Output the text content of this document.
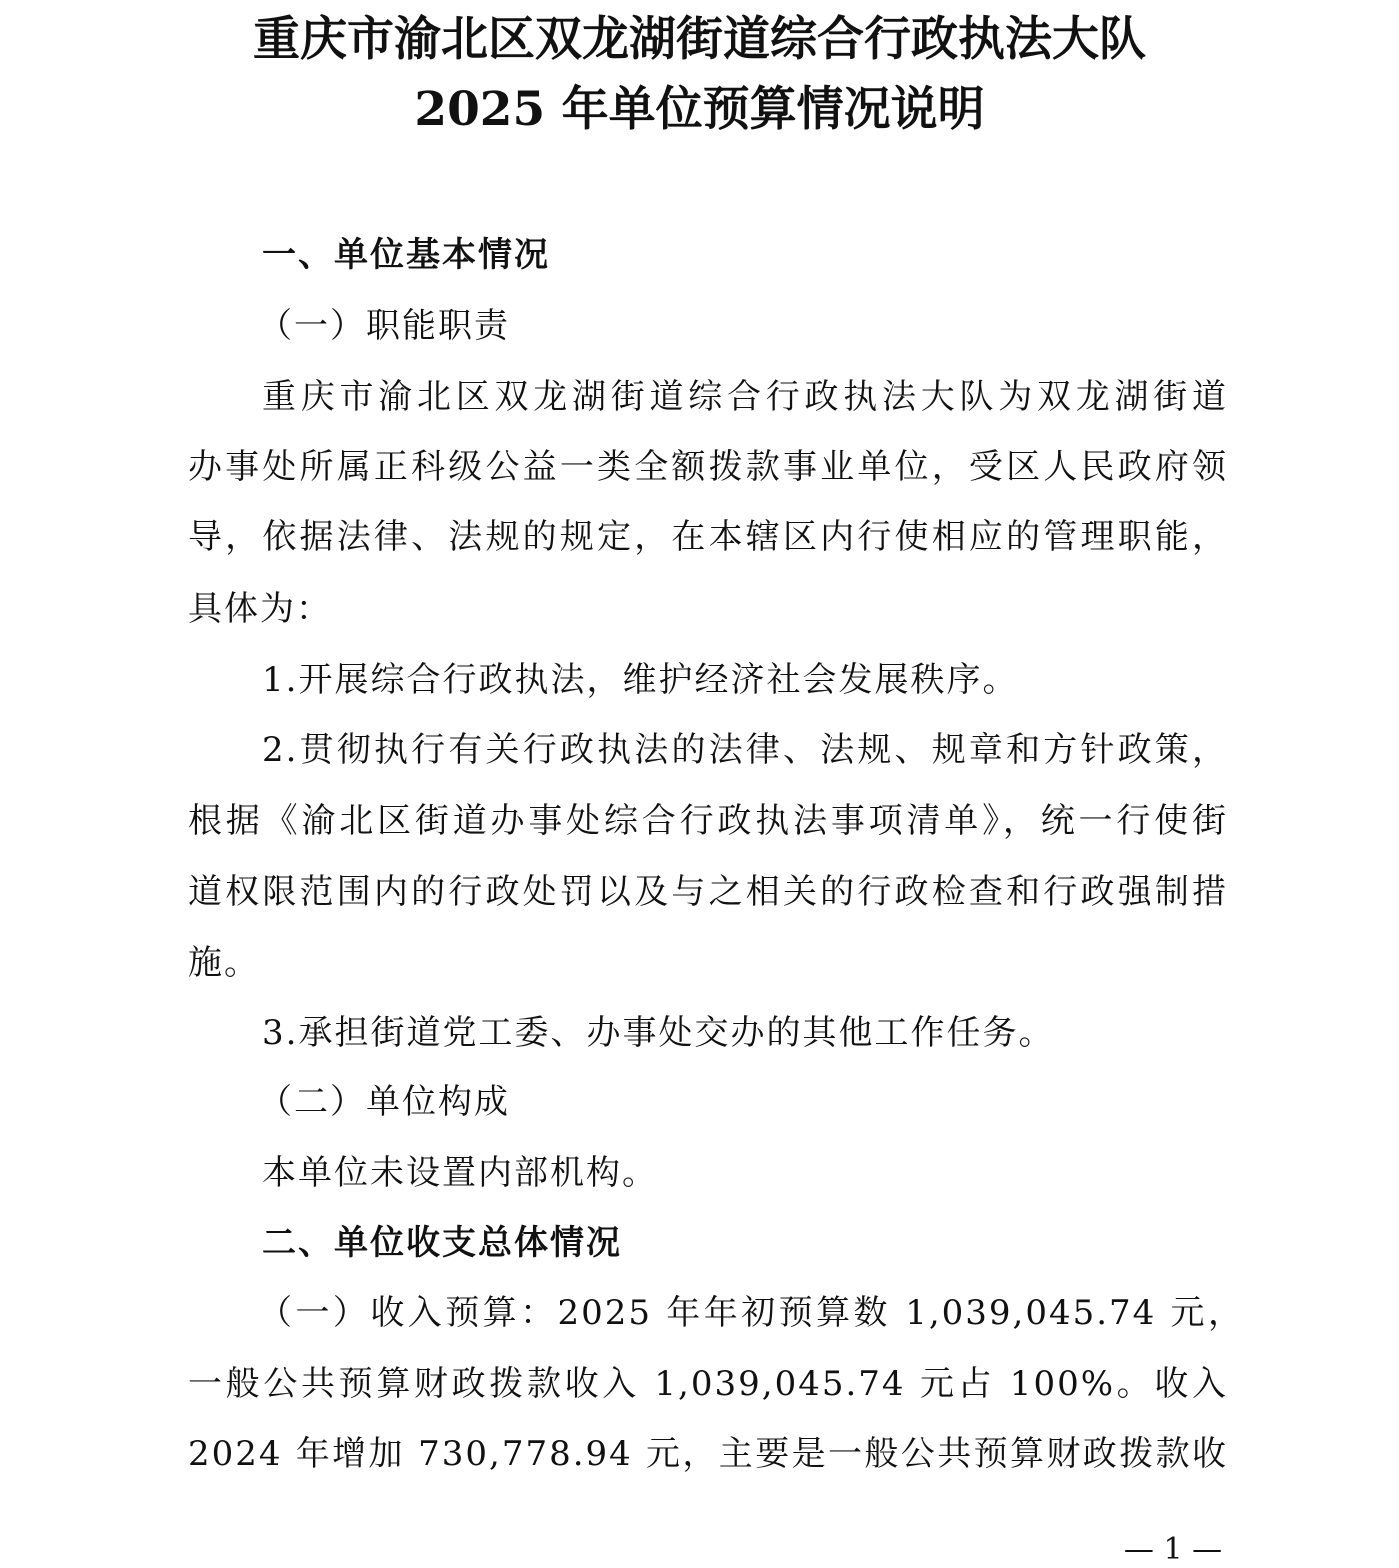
重庆市渝北区双龙湖街道综合行政执法大队
2025 年单位预算情况说明
一、单位基本情况
（一）职能职责
重庆市渝北区双龙湖街道综合行政执法大队为双龙湖街道
办事处所属正科级公益一类全额拨款事业单位，受区人民政府领
导，依据法律、法规的规定，在本辖区内行使相应的管理职能，
具体为：
1.开展综合行政执法，维护经济社会发展秩序。
2.贯彻执行有关行政执法的法律、法规、规章和方针政策，
根据《渝北区街道办事处综合行政执法事项清单》，统一行使街
道权限范围内的行政处罚以及与之相关的行政检查和行政强制措
施。
3.承担街道党工委、办事处交办的其他工作任务。
（二）单位构成
本单位未设置内部机构。
二、单位收支总体情况
（一）收入预算：2025 年年初预算数 1,039,045.74 元，
一般公共预算财政拨款收入 1,039,045.74 元占 100%。收入
2024 年增加 730,778.94 元，主要是一般公共预算财政拨款收
— 1 —
